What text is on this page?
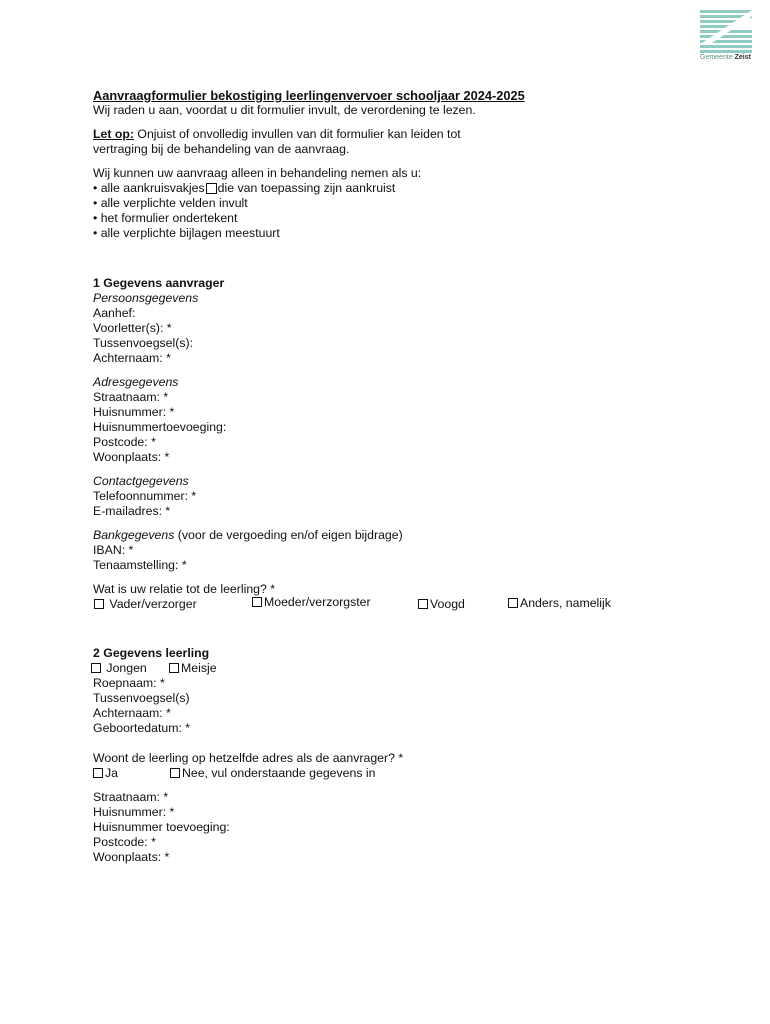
Gemeente Zeist

Aanvraagformulier bekostiging leerlingenvervoer schooljaar 2024-2025

Wij raden u aan, voordat u dit formulier invult, de verordening te lezen.

Let op: Onjuist of onvolledig invullen van dit formulier kan leiden tot

vertraging bij de behandeling van de aanvraag.

Wij kunnen uw aanvraag alleen in behandeling nemen als u:

• alle aankruisvakjes die van toepassing zijn aankruist

• alle verplichte velden invult

• het formulier ondertekent

• alle verplichte bijlagen meestuurt

1 Gegevens aanvrager

Persoonsgegevens

Aanhef:

Voorletter(s): *

Tussenvoegsel(s):

Achternaam: *

Adresgegevens

Straatnaam: *

Huisnummer: *

Huisnummertoevoeging:

Postcode: *

Woonplaats: *

Contactgegevens

Telefoonnummer: *

E-mailadres: *

Bankgegevens (voor de vergoeding en/of eigen bijdrage)

IBAN: *

Tenaamstelling: *

Wat is uw relatie tot de leerling? *

Vader/verzorger	Moeder/verzorgster	Voogd	Anders, namelijk

2 Gegevens leerling

Jongen	Meisje

Roepnaam: *

Tussenvoegsel(s)

Achternaam: *

Geboortedatum: *

Woont de leerling op hetzelfde adres als de aanvrager? *

Ja	Nee, vul onderstaande gegevens in

Straatnaam: *

Huisnummer: *

Huisnummer toevoeging:

Postcode: *

Woonplaats: *
